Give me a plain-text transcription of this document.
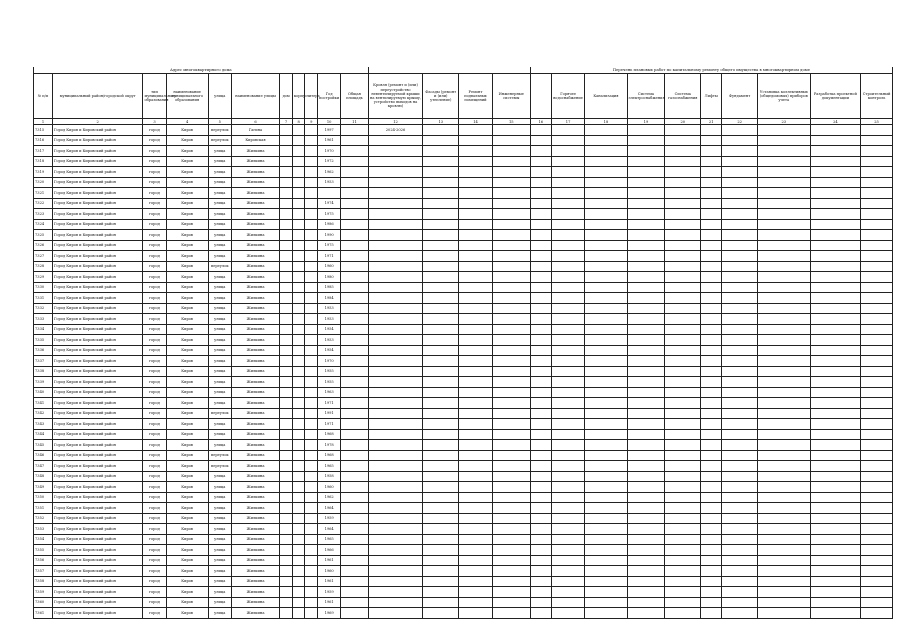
Адрес многоквартирного дома															Перечень плановых работ по капитальному ремонту общего имущества в многоквартирном доме									
№ п/п	муниципальный район/городской округ	тип муниципального образования	наименование муниципального образования	улица	наименование улицы	дом	корпус	литера	Год постройки	Общая площадь	Кровля (ремонт и (или) переустройство невентилируемой крыши на вентилируемую крышу, устройство выходов на кровлю)	Фасады (ремонт и (или) утепление)	Ремонт подвальных помещений	Инженерные системы		Горячее водоснабжение	Канализация	Система электроснабжения	Система газоснабжения	Лифты	Фундамент	Установка коллективных (общедомовых) приборов учета	Разработка проектной документации	Строительный контроль
1	2	3	4	5	6	7	8	9	10	11	12	13	14	15	16	17	18	19	20	21	22	23	24	25
7315	Город Киров и Кировский район	город	Киров	переулок	Гагина				1997		2024-2026													
7316	Город Киров и Кировский район	город	Киров	переулок	Кировская				1961															
7317	Город Киров и Кировский район	город	Киров	улица	Жилкина				1970															
7318	Город Киров и Кировский район	город	Киров	улица	Жилкина				1972															
7319	Город Киров и Кировский район	город	Киров	улица	Жилкина				1962															
7320	Город Киров и Кировский район	город	Киров	улица	Жилкина				1953															
7321	Город Киров и Кировский район	город	Киров	улица	Жилкина																			
7322	Город Киров и Кировский район	город	Киров	улица	Жилкина				1974															
7323	Город Киров и Кировский район	город	Киров	улица	Жилкина				1975															
7324	Город Киров и Кировский район	город	Киров	улица	Жилкина				1986															
7325	Город Киров и Кировский район	город	Киров	улица	Жилкина				1990															
7326	Город Киров и Кировский район	город	Киров	улица	Жилкина				1975															
7327	Город Киров и Кировский район	город	Киров	улица	Жилкина				1971															
7328	Город Киров и Кировский район	город	Киров	переулок	Жилкина				1960															
7329	Город Киров и Кировский район	город	Киров	улица	Жилкина				1980															
7330	Город Киров и Кировский район	город	Киров	улица	Жилкина				1985															
7331	Город Киров и Кировский район	город	Киров	улица	Жилкина				1984															
7332	Город Киров и Кировский район	город	Киров	улица	Жилкина				1953															
7333	Город Киров и Кировский район	город	Киров	улица	Жилкина				1953															
7334	Город Киров и Кировский район	город	Киров	улица	Жилкина				1954															
7335	Город Киров и Кировский район	город	Киров	улица	Жилкина				1953															
7336	Город Киров и Кировский район	город	Киров	улица	Жилкина				1954															
7337	Город Киров и Кировский район	город	Киров	улица	Жилкина				1970															
7338	Город Киров и Кировский район	город	Киров	улица	Жилкина				1955															
7339	Город Киров и Кировский район	город	Киров	улица	Жилкина				1955															
7340	Город Киров и Кировский район	город	Киров	улица	Жилкина				1963															
7341	Город Киров и Кировский район	город	Киров	улица	Жилкина				1971															
7342	Город Киров и Кировский район	город	Киров	переулок	Жилкина				1991															
7343	Город Киров и Кировский район	город	Киров	улица	Жилкина				1971															
7344	Город Киров и Кировский район	город	Киров	улица	Жилкина				1968															
7345	Город Киров и Кировский район	город	Киров	улица	Жилкина				1978															
7346	Город Киров и Кировский район	город	Киров	переулок	Жилкина				1968															
7347	Город Киров и Кировский район	город	Киров	переулок	Жилкина				1965															
7348	Город Киров и Кировский район	город	Киров	улица	Жилкина				1958															
7349	Город Киров и Кировский район	город	Киров	улица	Жилкина				1960															
7350	Город Киров и Кировский район	город	Киров	улица	Жилкина				1962															
7351	Город Киров и Кировский район	город	Киров	улица	Жилкина				1964															
7352	Город Киров и Кировский район	город	Киров	улица	Жилкина				1959															
7353	Город Киров и Кировский район	город	Киров	улица	Жилкина				1964															
7354	Город Киров и Кировский район	город	Киров	улица	Жилкина				1965															
7355	Город Киров и Кировский район	город	Киров	улица	Жилкина				1966															
7356	Город Киров и Кировский район	город	Киров	улица	Жилкина				1961															
7357	Город Киров и Кировский район	город	Киров	улица	Жилкина				1960															
7358	Город Киров и Кировский район	город	Киров	улица	Жилкина				1961															
7359	Город Киров и Кировский район	город	Киров	улица	Жилкина				1959															
7360	Город Киров и Кировский район	город	Киров	улица	Жилкина				1961															
7361	Город Киров и Кировский район	город	Киров	улица	Жилкина				1969															
